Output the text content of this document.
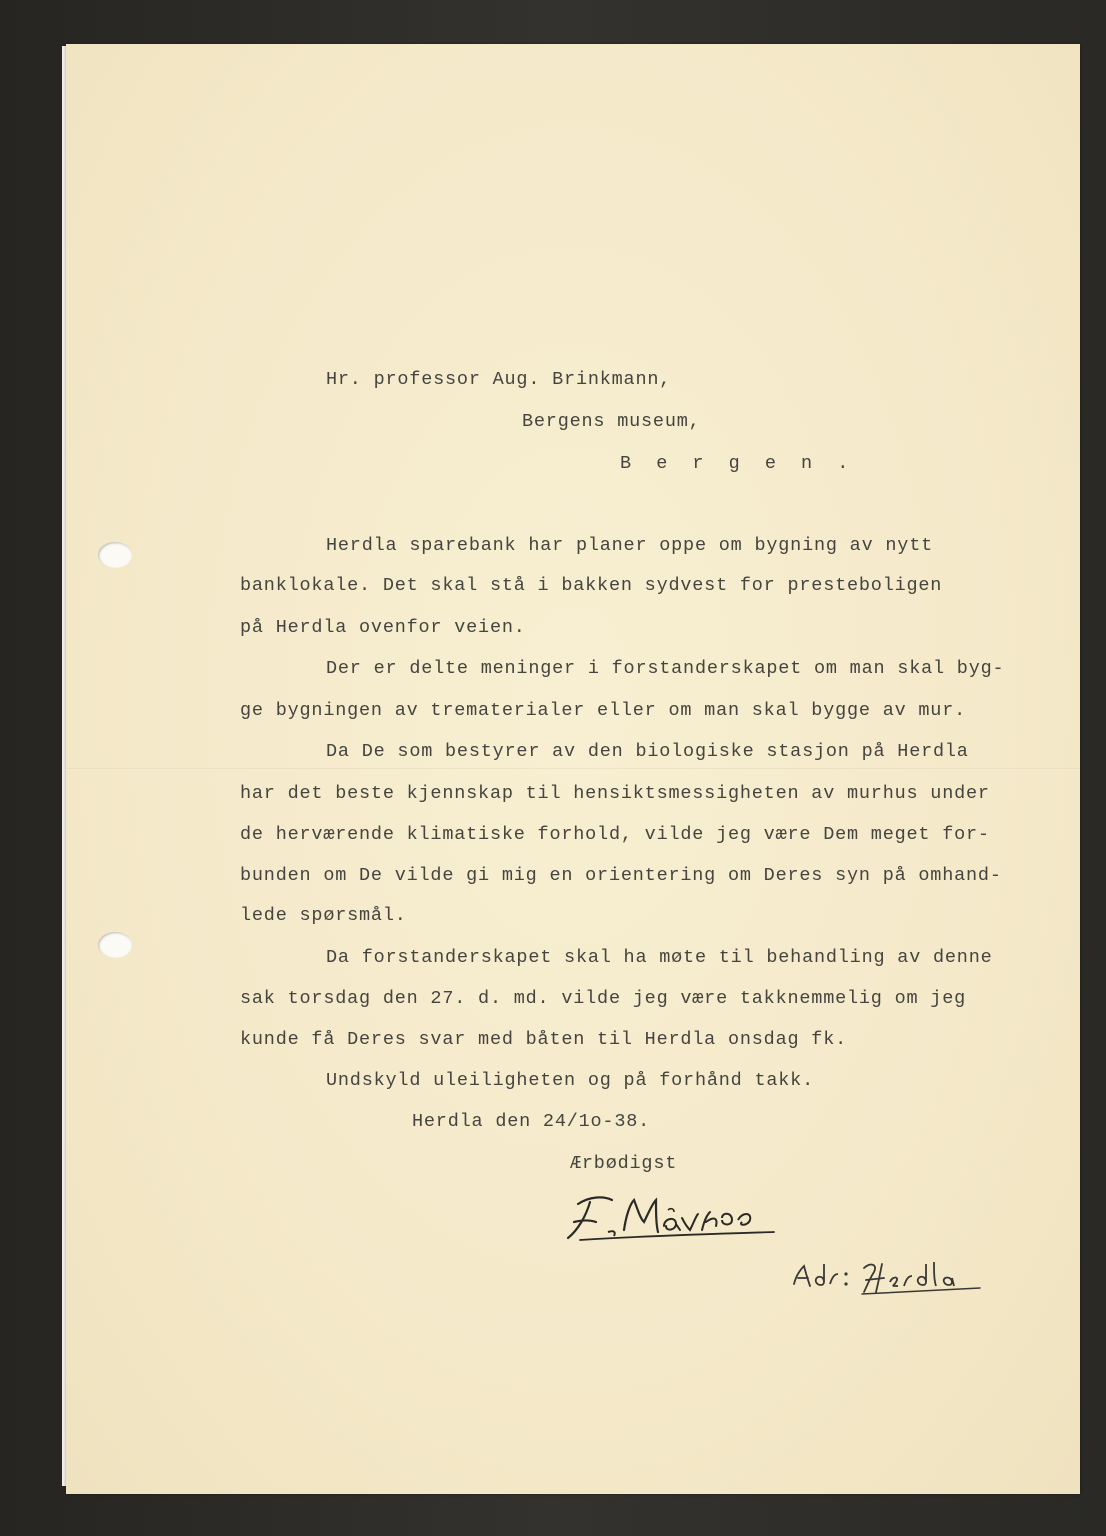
Hr. professor Aug. Brinkmann,
Bergens museum,
B e r g e n .
Herdla sparebank har planer oppe om bygning av nytt
banklokale. Det skal stå i bakken sydvest for presteboligen
på Herdla ovenfor veien.
Der er delte meninger i forstanderskapet om man skal byg-
ge bygningen av trematerialer eller om man skal bygge av mur.
Da De som bestyrer av den biologiske stasjon på Herdla
har det beste kjennskap til hensiktsmessigheten av murhus under
de herværende klimatiske forhold, vilde jeg være Dem meget for-
bunden om De vilde gi mig en orientering om Deres syn på omhand-
lede spørsmål.
Da forstanderskapet skal ha møte til behandling av denne
sak torsdag den 27. d. md. vilde jeg være takknemmelig om jeg
kunde få Deres svar med båten til Herdla onsdag fk.
Undskyld uleiligheten og på forhånd takk.
Herdla den 24/1o-38.
Ærbødigst
